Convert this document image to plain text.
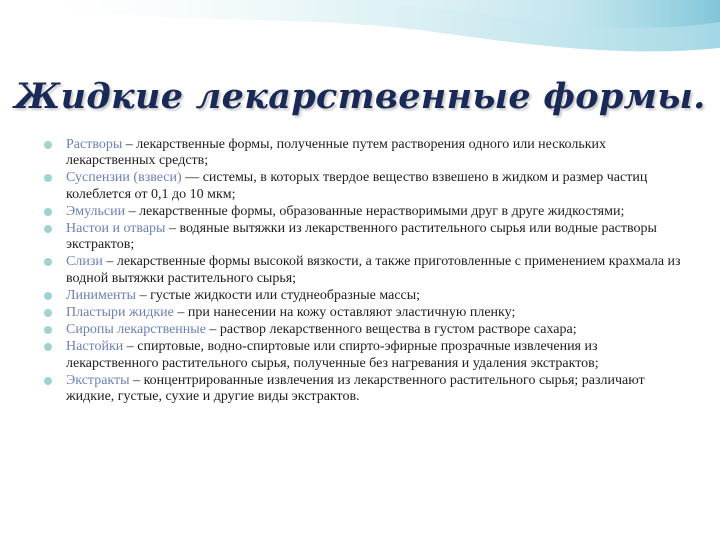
Жидкие лекарственные формы.
Растворы – лекарственные формы, полученные путем растворения одного или нескольких лекарственных средств;
Суспензии (взвеси) — системы, в которых твердое вещество взвешено в жидком и размер частиц колеблется от 0,1 до 10 мкм;
Эмульсии – лекарственные формы, образованные нерастворимыми друг в друге жидкостями;
Настои и отвары – водяные вытяжки из лекарственного растительного сырья или водные растворы экстрактов;
Слизи – лекарственные формы высокой вязкости, а также приготовленные с применением крахмала из водной вытяжки растительного сырья;
Линименты – густые жидкости или студнеобразные массы;
Пластыри жидкие – при нанесении на кожу оставляют эластичную пленку;
Сиропы лекарственные – раствор лекарственного вещества в густом растворе сахара;
Настойки – спиртовые, водно-спиртовые или спирто-эфирные прозрачные извлечения из лекарственного растительного сырья, полученные без нагревания и удаления экстрактов;
Экстракты – концентрированные извлечения из лекарственного растительного сырья; различают жидкие, густые, сухие и другие виды экстрактов.
